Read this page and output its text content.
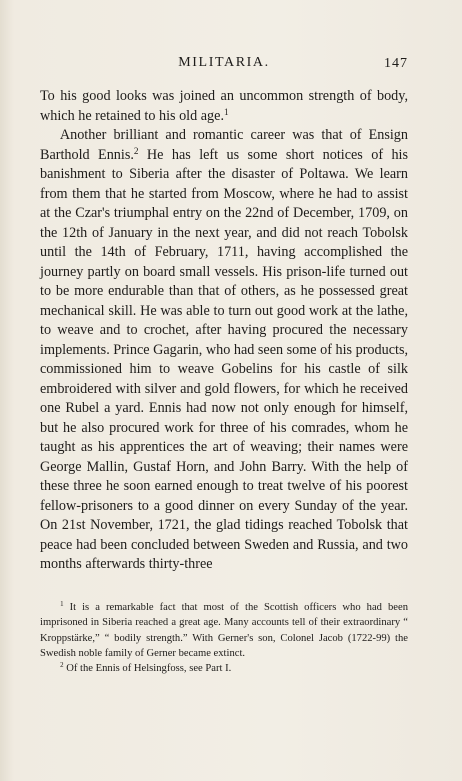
MILITARIA.	147

To his good looks was joined an uncommon strength of body, which he retained to his old age.$^1$

Another brilliant and romantic career was that of Ensign Barthold Ennis.$^2$ He has left us some short notices of his banishment to Siberia after the disaster of Poltawa. We learn from them that he started from Moscow, where he had to assist at the Czar's triumphal entry on the 22nd of December, 1709, on the 12th of January in the next year, and did not reach Tobolsk until the 14th of February, 1711, having accomplished the journey partly on board small vessels. His prison-life turned out to be more endurable than that of others, as he possessed great mechanical skill. He was able to turn out good work at the lathe, to weave and to crochet, after having procured the necessary implements. Prince Gagarin, who had seen some of his products, commissioned him to weave Gobelins for his castle of silk embroidered with silver and gold flowers, for which he received one Rubel a yard. Ennis had now not only enough for himself, but he also procured work for three of his comrades, whom he taught as his apprentices the art of weaving; their names were George Mallin, Gustaf Horn, and John Barry. With the help of these three he soon earned enough to treat twelve of his poorest fellow-prisoners to a good dinner on every Sunday of the year. On 21st November, 1721, the glad tidings reached Tobolsk that peace had been concluded between Sweden and Russia, and two months afterwards thirty-three

$^1$ It is a remarkable fact that most of the Scottish officers who had been imprisoned in Siberia reached a great age. Many accounts tell of their extraordinary “ Kroppstärke,” “ bodily strength.” With Gerner's son, Colonel Jacob (1722-99) the Swedish noble family of Gerner became extinct.

$^2$ Of the Ennis of Helsingfoss, see Part I.
